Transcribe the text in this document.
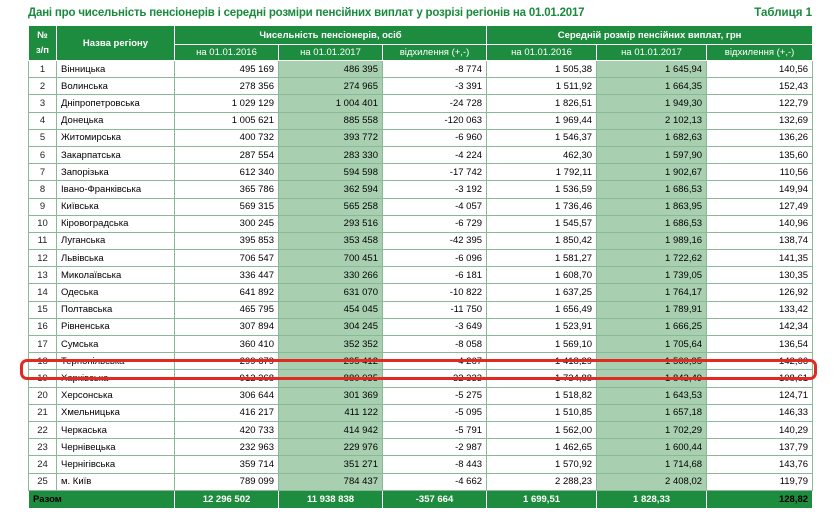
Дані про чисельність пенсіонерів і середні розміри пенсійних виплат у розрізі регіонів на 01.01.2017	Таблиця 1
№
з/п	Назва регіону	Чисельність пенсіонерів, осіб			Середній розмір пенсійних виплат, грн		
		на 01.01.2016	на 01.01.2017	відхилення (+,-)	на 01.01.2016	на 01.01.2017	відхилення (+,-)
1	Вінницька	495 169	486 395	-8 774	1 505,38	1 645,94	140,56
2	Волинська	278 356	274 965	-3 391	1 511,92	1 664,35	152,43
3	Дніпропетровська	1 029 129	1 004 401	-24 728	1 826,51	1 949,30	122,79
4	Донецька	1 005 621	885 558	-120 063	1 969,44	2 102,13	132,69
5	Житомирська	400 732	393 772	-6 960	1 546,37	1 682,63	136,26
6	Закарпатська	287 554	283 330	-4 224	462,30	1 597,90	135,60
7	Запорізька	612 340	594 598	-17 742	1 792,11	1 902,67	110,56
8	Івано-Франківська	365 786	362 594	-3 192	1 536,59	1 686,53	149,94
9	Київська	569 315	565 258	-4 057	1 736,46	1 863,95	127,49
10	Кіровоградська	300 245	293 516	-6 729	1 545,57	1 686,53	140,96
11	Луганська	395 853	353 458	-42 395	1 850,42	1 989,16	138,74
12	Львівська	706 547	700 451	-6 096	1 581,27	1 722,62	141,35
13	Миколаївська	336 447	330 266	-6 181	1 608,70	1 739,05	130,35
14	Одеська	641 892	631 070	-10 822	1 637,25	1 764,17	126,92
15	Полтавська	465 795	454 045	-11 750	1 656,49	1 789,91	133,42
16	Рівненська	307 894	304 245	-3 649	1 523,91	1 666,25	142,34
17	Сумська	360 410	352 352	-8 058	1 569,10	1 705,64	136,54
18	Тернопільська	299 679	295 412	-4 267	1 418,29	1 560,95	142,66
19	Харківська	912 368	880 035	-32 333	1 734,88	1 843,49	108,61
20	Херсонська	306 644	301 369	-5 275	1 518,82	1 643,53	124,71
21	Хмельницька	416 217	411 122	-5 095	1 510,85	1 657,18	146,33
22	Черкаська	420 733	414 942	-5 791	1 562,00	1 702,29	140,29
23	Чернівецька	232 963	229 976	-2 987	1 462,65	1 600,44	137,79
24	Чернігівська	359 714	351 271	-8 443	1 570,92	1 714,68	143,76
25	м. Київ	789 099	784 437	-4 662	2 288,23	2 408,02	119,79
Разом		12 296 502	11 938 838	-357 664	1 699,51	1 828,33	128,82
